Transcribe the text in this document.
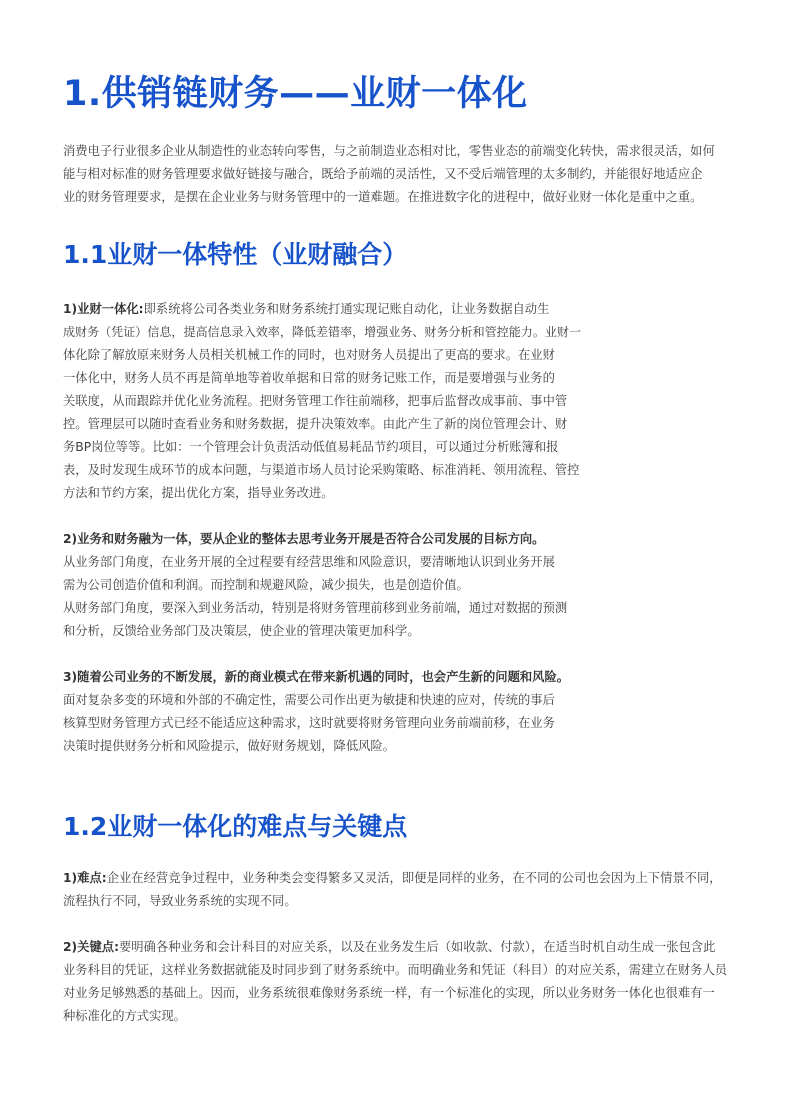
1.供销链财务——业财一体化
消费电子行业很多企业从制造性的业态转向零售，与之前制造业态相对比，零售业态的前端变化转快，需求很灵活，如何
能与相对标准的财务管理要求做好链接与融合，既给予前端的灵活性，又不受后端管理的太多制约，并能很好地适应企
业的财务管理要求，是摆在企业业务与财务管理中的一道难题。在推进数字化的进程中，做好业财一体化是重中之重。
1.1业财一体特性（业财融合）
1)业财一体化:即系统将公司各类业务和财务系统打通实现记账自动化，让业务数据自动生
成财务（凭证）信息，提高信息录入效率，降低差错率，增强业务、财务分析和管控能力。业财一
体化除了解放原来财务人员相关机械工作的同时，也对财务人员提出了更高的要求。在业财
一体化中，财务人员不再是简单地等着收单据和日常的财务记账工作，而是要增强与业务的
关联度，从而跟踪并优化业务流程。把财务管理工作往前端移，把事后监督改成事前、事中管
控。管理层可以随时查看业务和财务数据，提升决策效率。由此产生了新的岗位管理会计、财
务BP岗位等等。比如：一个管理会计负责活动低值易耗品节约项目，可以通过分析账簿和报
表，及时发现生成环节的成本问题，与渠道市场人员讨论采购策略、标准消耗、领用流程、管控
方法和节约方案，提出优化方案，指导业务改进。
2)业务和财务融为一体，要从企业的整体去思考业务开展是否符合公司发展的目标方向。
从业务部门角度，在业务开展的全过程要有经营思维和风险意识，要清晰地认识到业务开展
需为公司创造价值和利润。而控制和规避风险，减少损失，也是创造价值。
从财务部门角度，要深入到业务活动，特别是将财务管理前移到业务前端，通过对数据的预测
和分析，反馈给业务部门及决策层，使企业的管理决策更加科学。
3)随着公司业务的不断发展，新的商业模式在带来新机遇的同时，也会产生新的问题和风险。
面对复杂多变的环境和外部的不确定性，需要公司作出更为敏捷和快速的应对，传统的事后
核算型财务管理方式已经不能适应这种需求，这时就要将财务管理向业务前端前移，在业务
决策时提供财务分析和风险提示，做好财务规划，降低风险。
1.2业财一体化的难点与关键点
1)难点:企业在经营竞争过程中，业务种类会变得繁多又灵活，即便是同样的业务，在不同的公司也会因为上下情景不同，
流程执行不同，导致业务系统的实现不同。
2)关键点:要明确各种业务和会计科目的对应关系，以及在业务发生后（如收款、付款），在适当时机自动生成一张包含此
业务科目的凭证，这样业务数据就能及时同步到了财务系统中。而明确业务和凭证（科目）的对应关系，需建立在财务人员
对业务足够熟悉的基础上。因而，业务系统很难像财务系统一样，有一个标准化的实现，所以业务财务一体化也很难有一
种标准化的方式实现。
